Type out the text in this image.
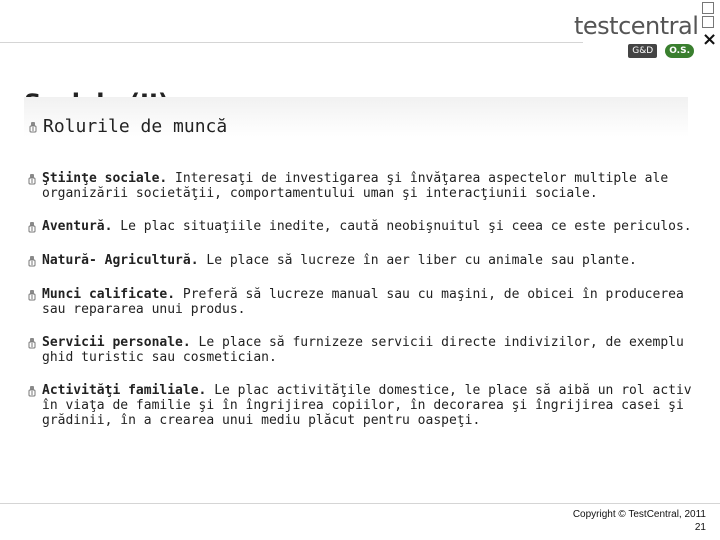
×
testcentral
G&D	O.S.
Rolurile de muncă
Ştiinţe sociale. Interesaţi de investigarea şi învăţarea aspectelor multiple ale organizării societăţii, comportamentului uman şi interacţiunii sociale.
Aventură. Le plac situaţiile inedite, caută neobişnuitul şi ceea ce este periculos.
Natură- Agricultură. Le place să lucreze în aer liber cu animale sau plante.
Munci calificate. Preferă să lucreze manual sau cu maşini, de obicei în producerea sau repararea unui produs.
Servicii personale. Le place să furnizeze servicii directe indivizilor, de exemplu ghid turistic sau cosmetician.
Activităţi familiale. Le plac activităţile domestice, le place să aibă un rol activ în viaţa de familie şi în îngrijirea copiilor, în decorarea şi îngrijirea casei şi grădinii, în a crearea unui mediu plăcut pentru oaspeţi.
Copyright © TestCentral, 2011
21
